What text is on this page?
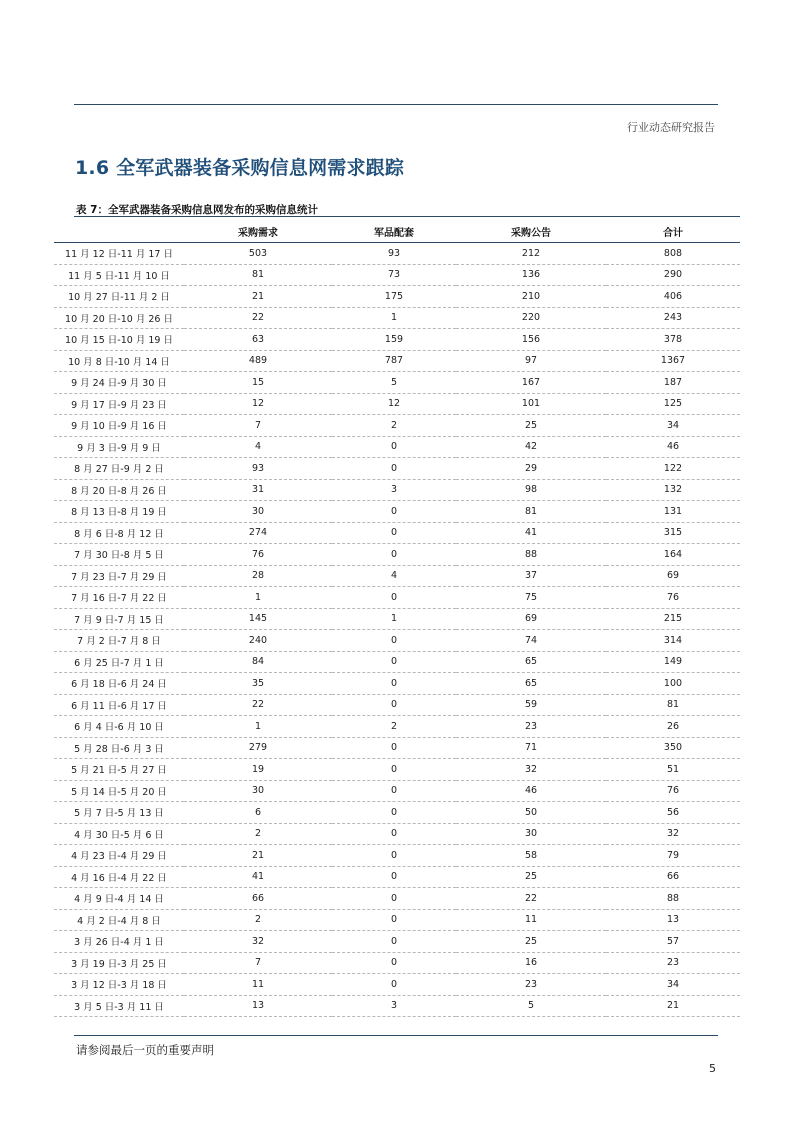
行业动态研究报告
1.6 全军武器装备采购信息网需求跟踪
表 7：全军武器装备采购信息网发布的采购信息统计
	采购需求	军品配套	采购公告	合计
11 月 12 日-11 月 17 日	503	93	212	808
11 月 5 日-11 月 10 日	81	73	136	290
10 月 27 日-11 月 2 日	21	175	210	406
10 月 20 日-10 月 26 日	22	1	220	243
10 月 15 日-10 月 19 日	63	159	156	378
10 月 8 日-10 月 14 日	489	787	97	1367
9 月 24 日-9 月 30 日	15	5	167	187
9 月 17 日-9 月 23 日	12	12	101	125
9 月 10 日-9 月 16 日	7	2	25	34
9 月 3 日-9 月 9 日	4	0	42	46
8 月 27 日-9 月 2 日	93	0	29	122
8 月 20 日-8 月 26 日	31	3	98	132
8 月 13 日-8 月 19 日	30	0	81	131
8 月 6 日-8 月 12 日	274	0	41	315
7 月 30 日-8 月 5 日	76	0	88	164
7 月 23 日-7 月 29 日	28	4	37	69
7 月 16 日-7 月 22 日	1	0	75	76
7 月 9 日-7 月 15 日	145	1	69	215
7 月 2 日-7 月 8 日	240	0	74	314
6 月 25 日-7 月 1 日	84	0	65	149
6 月 18 日-6 月 24 日	35	0	65	100
6 月 11 日-6 月 17 日	22	0	59	81
6 月 4 日-6 月 10 日	1	2	23	26
5 月 28 日-6 月 3 日	279	0	71	350
5 月 21 日-5 月 27 日	19	0	32	51
5 月 14 日-5 月 20 日	30	0	46	76
5 月 7 日-5 月 13 日	6	0	50	56
4 月 30 日-5 月 6 日	2	0	30	32
4 月 23 日-4 月 29 日	21	0	58	79
4 月 16 日-4 月 22 日	41	0	25	66
4 月 9 日-4 月 14 日	66	0	22	88
4 月 2 日-4 月 8 日	2	0	11	13
3 月 26 日-4 月 1 日	32	0	25	57
3 月 19 日-3 月 25 日	7	0	16	23
3 月 12 日-3 月 18 日	11	0	23	34
3 月 5 日-3 月 11 日	13	3	5	21
请参阅最后一页的重要声明
5
